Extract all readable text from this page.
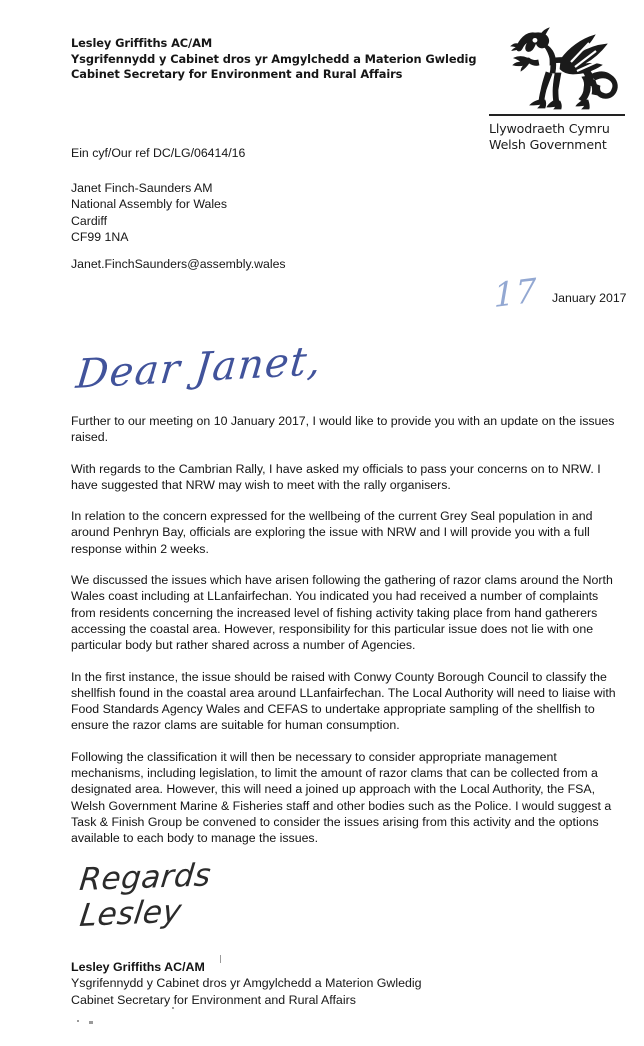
Lesley Griffiths AC/AM
Ysgrifennydd y Cabinet dros yr Amgylchedd a Materion Gwledig
Cabinet Secretary for Environment and Rural Affairs
Llywodraeth Cymru
Welsh Government
Ein cyf/Our ref DC/LG/06414/16
Janet Finch-Saunders AM
National Assembly for Wales
Cardiff
CF99 1NA
Janet.FinchSaunders@assembly.wales
17	January 2017
Dear Janet,

Further to our meeting on 10 January 2017, I would like to provide you with an update on the issues raised.

With regards to the Cambrian Rally, I have asked my officials to pass your concerns on to NRW. I have suggested that NRW may wish to meet with the rally organisers.

In relation to the concern expressed for the wellbeing of the current Grey Seal population in and around Penhryn Bay, officials are exploring the issue with NRW and I will provide you with a full response within 2 weeks.

We discussed the issues which have arisen following the gathering of razor clams around the North Wales coast including at LLanfairfechan. You indicated you had received a number of complaints from residents concerning the increased level of fishing activity taking place from hand gatherers accessing the coastal area. However, responsibility for this particular issue does not lie with one particular body but rather shared across a number of Agencies.

In the first instance, the issue should be raised with Conwy County Borough Council to classify the shellfish found in the coastal area around LLanfairfechan. The Local Authority will need to liaise with Food Standards Agency Wales and CEFAS to undertake appropriate sampling of the shellfish to ensure the razor clams are suitable for human consumption.

Following the classification it will then be necessary to consider appropriate management mechanisms, including legislation, to limit the amount of razor clams that can be collected from a designated area. However, this will need a joined up approach with the Local Authority, the FSA, Welsh Government Marine & Fisheries staff and other bodies such as the Police. I would suggest a Task & Finish Group be convened to consider the issues arising from this activity and the options available to each body to manage the issues.

Regards
Lesley
Lesley Griffiths AC/AM
Ysgrifennydd y Cabinet dros yr Amgylchedd a Materion Gwledig
Cabinet Secretary for Environment and Rural Affairs
